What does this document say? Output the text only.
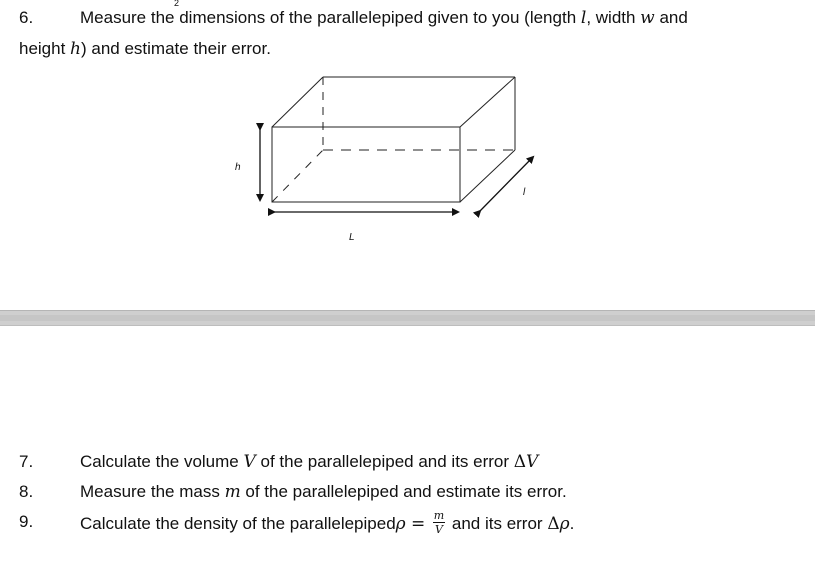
2
6.	Measure the dimensions of the parallelepiped given to you (length l, width w and
height h) and estimate their error.
h
L
l
7.	Calculate the volume V of the parallelepiped and its error ΔV
8.	Measure the mass m of the parallelepiped and estimate its error.
9.	Calculate the density of the parallelepipedρ = $\frac{m}{V}$ and its error Δρ.
